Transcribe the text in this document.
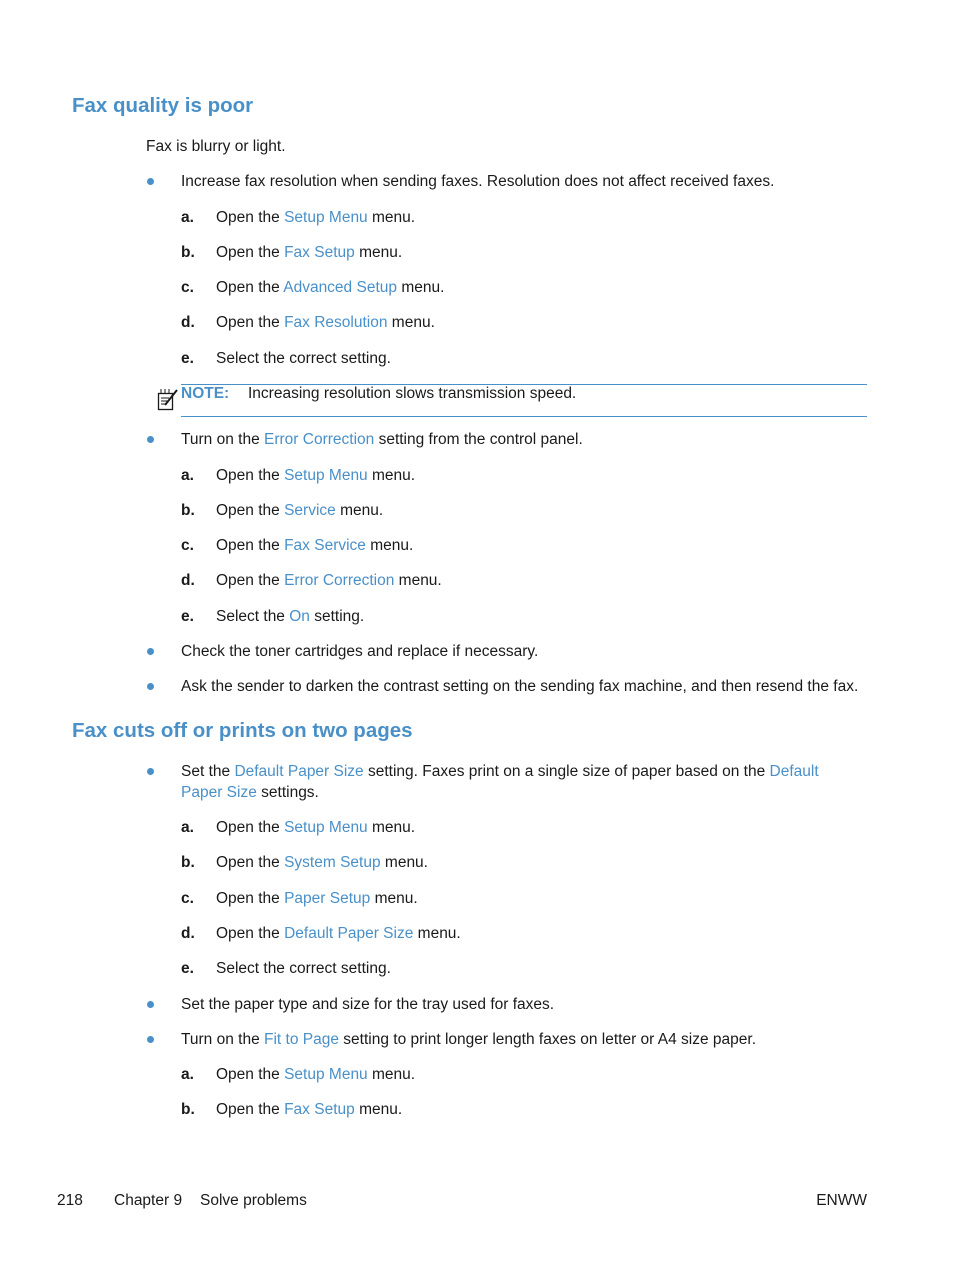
Fax quality is poor
Fax is blurry or light.
Increase fax resolution when sending faxes. Resolution does not affect received faxes.
a. Open the Setup Menu menu.
b. Open the Fax Setup menu.
c. Open the Advanced Setup menu.
d. Open the Fax Resolution menu.
e. Select the correct setting.
NOTE: Increasing resolution slows transmission speed.
Turn on the Error Correction setting from the control panel.
a. Open the Setup Menu menu.
b. Open the Service menu.
c. Open the Fax Service menu.
d. Open the Error Correction menu.
e. Select the On setting.
Check the toner cartridges and replace if necessary.
Ask the sender to darken the contrast setting on the sending fax machine, and then resend the fax.
Fax cuts off or prints on two pages
Set the Default Paper Size setting. Faxes print on a single size of paper based on the Default
Paper Size settings.
a. Open the Setup Menu menu.
b. Open the System Setup menu.
c. Open the Paper Setup menu.
d. Open the Default Paper Size menu.
e. Select the correct setting.
Set the paper type and size for the tray used for faxes.
Turn on the Fit to Page setting to print longer length faxes on letter or A4 size paper.
a. Open the Setup Menu menu.
b. Open the Fax Setup menu.
218 Chapter 9 Solve problems	ENWW
